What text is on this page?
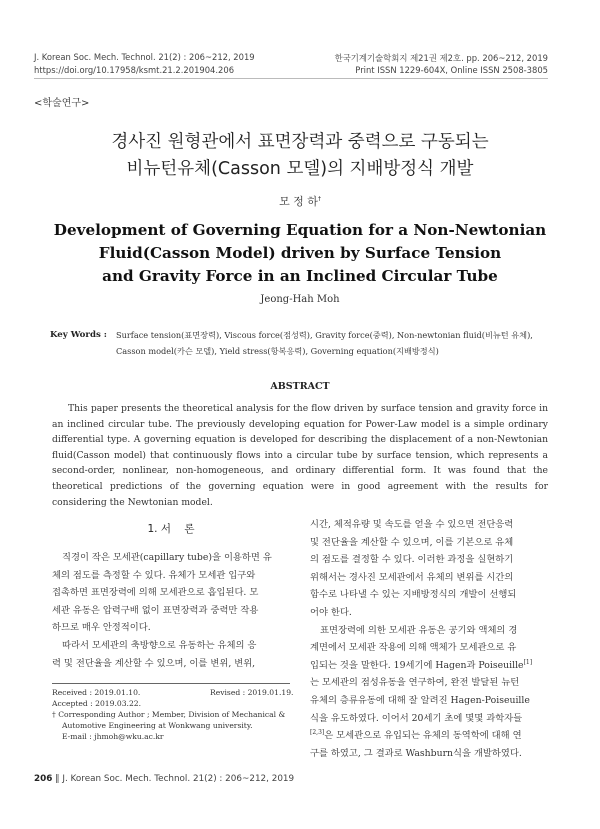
J. Korean Soc. Mech. Technol. 21(2) : 206~212, 2019
https://doi.org/10.17958/ksmt.21.2.201904.206
한국기계기술학회지 제21권 제2호. pp. 206~212, 2019
Print ISSN 1229-604X, Online ISSN 2508-3805
<학술연구>
경사진 원형관에서 표면장력과 중력으로 구동되는
비뉴턴유체(Casson 모델)의 지배방정식 개발
모 정 하†
Development of Governing Equation for a Non-Newtonian
Fluid(Casson Model) driven by Surface Tension
and Gravity Force in an Inclined Circular Tube
Jeong-Hah Moh
Key Words : Surface tension(표면장력), Viscous force(점성력), Gravity force(중력), Non-newtonian fluid(비뉴턴 유체),
Casson model(카슨 모델), Yield stress(항복응력), Governing equation(지배방정식)
ABSTRACT
This paper presents the theoretical analysis for the flow driven by surface tension and gravity force in an inclined circular tube. The previously developing equation for Power-Law model is a simple ordinary differential type. A governing equation is developed for describing the displacement of a non-Newtonian fluid(Casson model) that continuously flows into a circular tube by surface tension, which represents a second-order, nonlinear, non-homogeneous, and ordinary differential form. It was found that the theoretical predictions of the governing equation were in good agreement with the results for considering the Newtonian model.
1. 서    론

직경이 작은 모세관(capillary tube)을 이용하면 유

체의 점도를 측정할 수 있다. 유체가 모세관 입구와

접촉하면 표면장력에 의해 모세관으로 흡입된다. 모

세관 유동은 압력구배 없이 표면장력과 중력만 작용

하므로 매우 안정적이다.

따라서 모세관의 축방향으로 유동하는 유체의 응

력 및 전단율을 계산할 수 있으며, 이를 변위, 변위,

Received : 2019.01.10.	Revised : 2019.01.19.
Accepted : 2019.03.22.
† Corresponding Author ; Member, Division of Mechanical &
Automotive Engineering at Wonkwang university.
E-mail : jhmoh@wku.ac.kr

시간, 체적유량 및 속도를 얻을 수 있으면 전단응력

및 전단율을 계산할 수 있으며, 이를 기본으로 유체

의 점도를 결정할 수 있다. 이러한 과정을 실현하기

위해서는 경사진 모세관에서 유체의 변위를 시간의

함수로 나타낼 수 있는 지배방정식의 개발이 선행되

어야 한다.

표면장력에 의한 모세관 유동은 공기와 액체의 경

계면에서 모세관 작용에 의해 액체가 모세관으로 유

입되는 것을 말한다. 19세기에 Hagen과 Poiseuille[1]

는 모세관의 점성유동을 연구하여, 완전 발달된 뉴턴

유체의 층류유동에 대해 잘 알려진 Hagen-Poiseuille

식을 유도하였다. 이어서 20세기 초에 몇몇 과학자들

[2,3]은 모세관으로 유입되는 유체의 동역학에 대해 연

구를 하였고, 그 결과로 Washburn식을 개발하였다.

206 ‖ J. Korean Soc. Mech. Technol. 21(2) : 206~212, 2019
